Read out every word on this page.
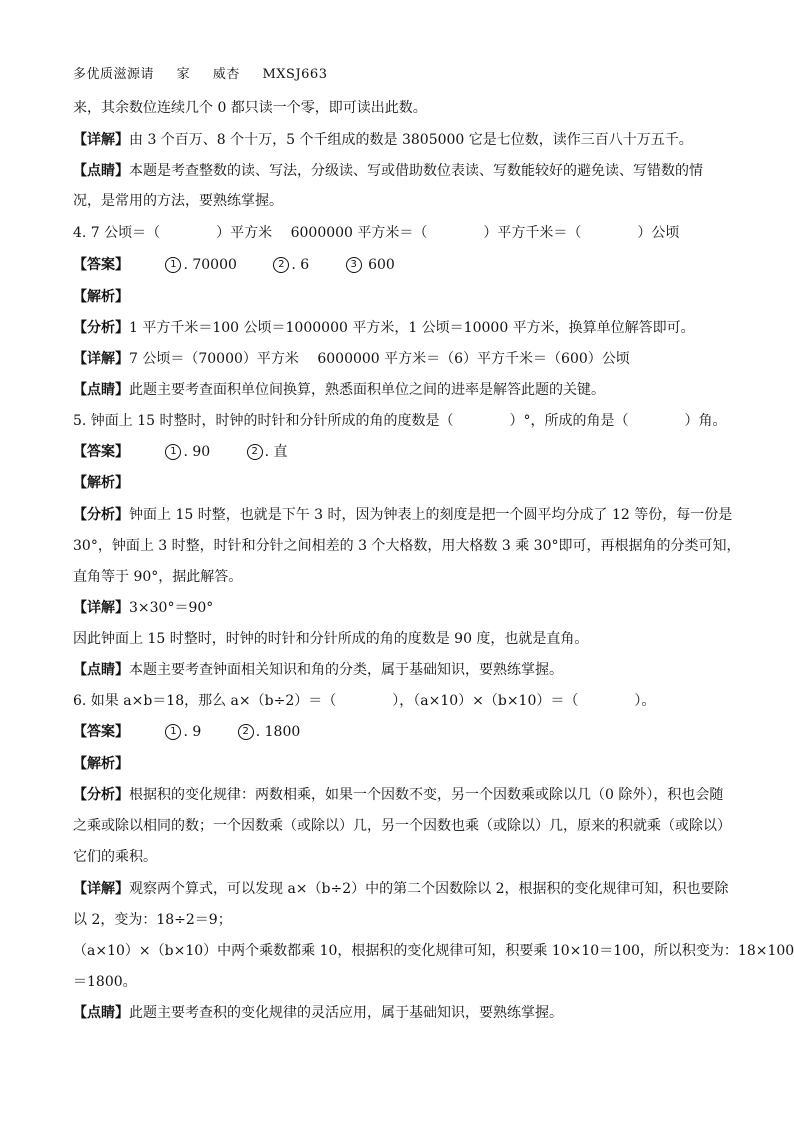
多优质滋源请 家 威杏 MXSJ663
来，其余数位连续几个 0 都只读一个零，即可读出此数。
【详解】由 3 个百万、8 个十万，5 个千组成的数是 3805000 它是七位数，读作三百八十万五千。
【点睛】本题是考查整数的读、写法，分级读、写或借助数位表读、写数能较好的避免读、写错数的情
况，是常用的方法，要熟练掌握。
4. 7 公顷＝（　　　　）平方米　 6000000 平方米＝（　　　　）平方千米＝（　　　　）公顷
【答案】	1 . 70000	2 . 6	3 600
【解析】
【分析】1 平方千米＝100 公顷＝1000000 平方米，1 公顷＝10000 平方米，换算单位解答即可。
【详解】7 公顷＝（70000）平方米　 6000000 平方米＝（6）平方千米＝（600）公顷
【点睛】此题主要考查面积单位间换算，熟悉面积单位之间的进率是解答此题的关键。
5. 钟面上 15 时整时，时钟的时针和分针所成的角的度数是（　　　　）°，所成的角是（　　　　）角。
【答案】	1 . 90	2 . 直
【解析】
【分析】钟面上 15 时整，也就是下午 3 时，因为钟表上的刻度是把一个圆平均分成了 12 等份，每一份是
30°，钟面上 3 时整，时针和分针之间相差的 3 个大格数，用大格数 3 乘 30°即可，再根据角的分类可知，
直角等于 90°，据此解答。
【详解】3×30°＝90°
因此钟面上 15 时整时，时钟的时针和分针所成的角的度数是 90 度，也就是直角。
【点睛】本题主要考查钟面相关知识和角的分类，属于基础知识，要熟练掌握。
6. 如果 a×b＝18，那么 a×（b÷2）＝（　　　　），（a×10）×（b×10）＝（　　　　）。
【答案】	1 . 9	2 . 1800
【解析】
【分析】根据积的变化规律：两数相乘，如果一个因数不变，另一个因数乘或除以几（0 除外），积也会随
之乘或除以相同的数；一个因数乘（或除以）几，另一个因数也乘（或除以）几，原来的积就乘（或除以）
它们的乘积。
【详解】观察两个算式，可以发现 a×（b÷2）中的第二个因数除以 2，根据积的变化规律可知，积也要除
以 2，变为：18÷2＝9；
（a×10）×（b×10）中两个乘数都乘 10，根据积的变化规律可知，积要乘 10×10＝100，所以积变为：18×100
＝1800。
【点睛】此题主要考查积的变化规律的灵活应用，属于基础知识，要熟练掌握。
